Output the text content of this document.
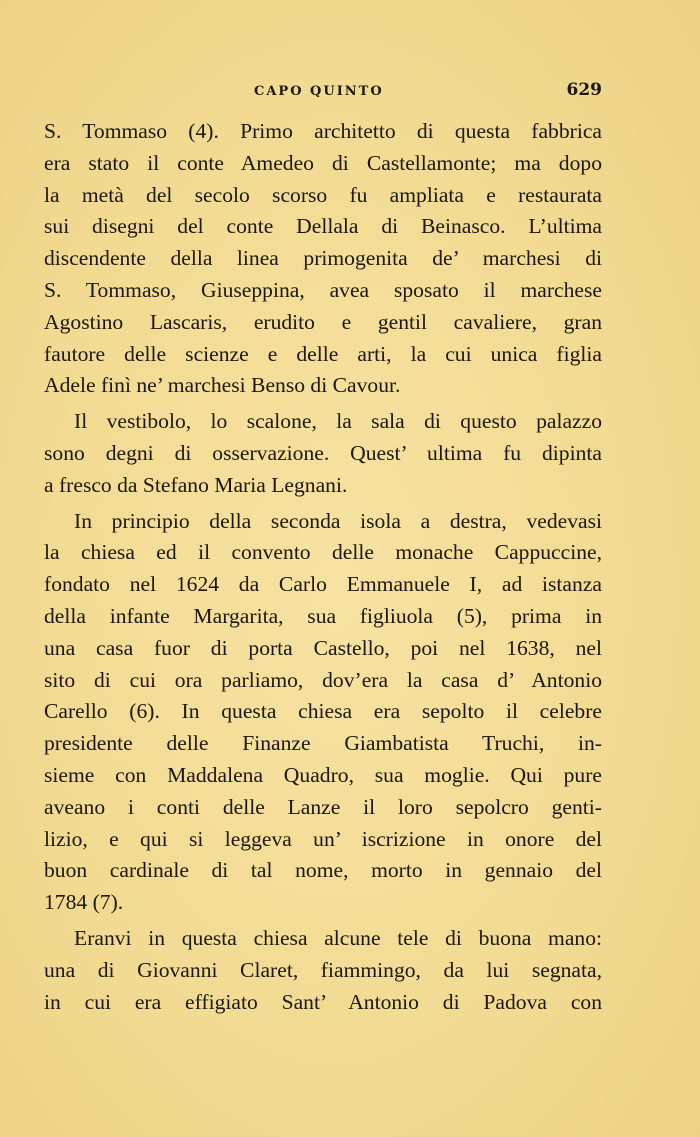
CAPO QUINTO	629
S. Tommaso (4). Primo architetto di questa fabbrica
era stato il conte Amedeo di Castellamonte; ma dopo
la metà del secolo scorso fu ampliata e restaurata
sui disegni del conte Dellala di Beinasco. L’ultima
discendente della linea primogenita de’ marchesi di
S. Tommaso, Giuseppina, avea sposato il marchese
Agostino Lascaris, erudito e gentil cavaliere, gran
fautore delle scienze e delle arti, la cui unica figlia
Adele finì ne’ marchesi Benso di Cavour.
Il vestibolo, lo scalone, la sala di questo palazzo
sono degni di osservazione. Quest’ ultima fu dipinta
a fresco da Stefano Maria Legnani.
In principio della seconda isola a destra, vedevasi
la chiesa ed il convento delle monache Cappuccine,
fondato nel 1624 da Carlo Emmanuele I, ad istanza
della infante Margarita, sua figliuola (5), prima in
una casa fuor di porta Castello, poi nel 1638, nel
sito di cui ora parliamo, dov’era la casa d’ Antonio
Carello (6). In questa chiesa era sepolto il celebre
presidente delle Finanze Giambatista Truchi, in-
sieme con Maddalena Quadro, sua moglie. Qui pure
aveano i conti delle Lanze il loro sepolcro genti-
lizio, e qui si leggeva un’ iscrizione in onore del
buon cardinale di tal nome, morto in gennaio del
1784 (7).
Eranvi in questa chiesa alcune tele di buona mano:
una di Giovanni Claret, fiammingo, da lui segnata,
in cui era effigiato Sant’ Antonio di Padova con
